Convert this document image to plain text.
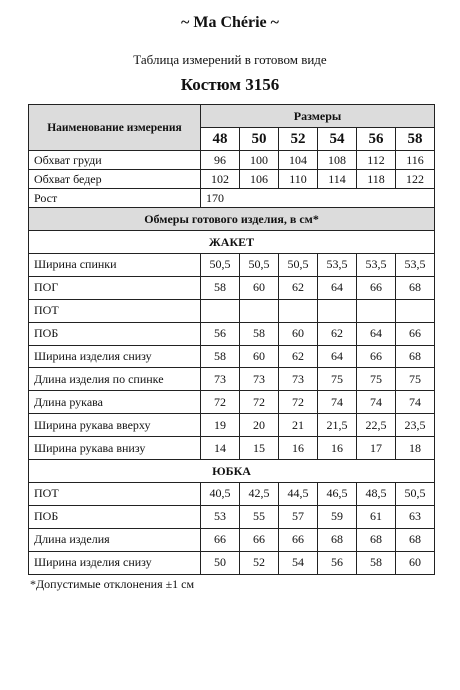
~ Ma Chérie ~
Таблица измерений в готовом виде
Костюм 3156
Наименование измерения	Размеры					
	48	50	52	54	56	58
Обхват груди	96	100	104	108	112	116
Обхват бедер	102	106	110	114	118	122
Рост	170					
Обмеры готового изделия, в см*						
ЖАКЕТ						
Ширина спинки	50,5	50,5	50,5	53,5	53,5	53,5
ПОГ	58	60	62	64	66	68
ПОТ						
ПОБ	56	58	60	62	64	66
Ширина изделия снизу	58	60	62	64	66	68
Длина изделия по спинке	73	73	73	75	75	75
Длина рукава	72	72	72	74	74	74
Ширина рукава вверху	19	20	21	21,5	22,5	23,5
Ширина рукава внизу	14	15	16	16	17	18
ЮБКА						
ПОТ	40,5	42,5	44,5	46,5	48,5	50,5
ПОБ	53	55	57	59	61	63
Длина изделия	66	66	66	68	68	68
Ширина изделия снизу	50	52	54	56	58	60
*Допустимые отклонения ±1 см
